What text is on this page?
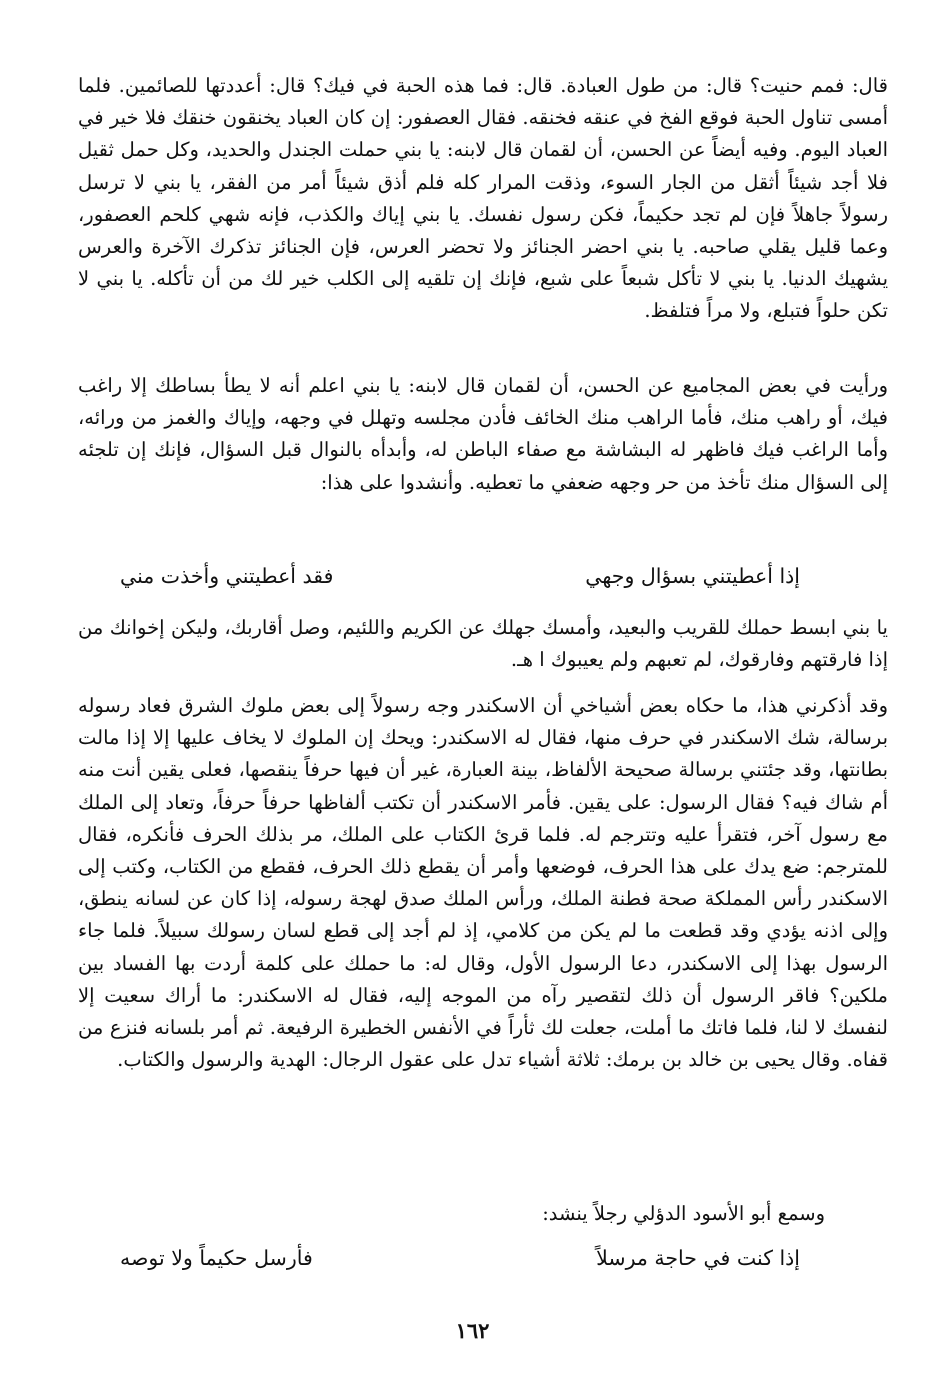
قال: فمم حنيت؟ قال: من طول العبادة. قال: فما هذه الحبة في فيك؟ قال: أعددتها للصائمين. فلما أمسى تناول الحبة فوقع الفخ في عنقه فخنقه. فقال العصفور: إن كان العباد يخنقون خنقك فلا خير في العباد اليوم. وفيه أيضاً عن الحسن، أن لقمان قال لابنه: يا بني حملت الجندل والحديد، وكل حمل ثقيل فلا أجد شيئاً أثقل من الجار السوء، وذقت المرار كله فلم أذق شيئاً أمر من الفقر، يا بني لا ترسل رسولاً جاهلاً فإن لم تجد حكيماً، فكن رسول نفسك. يا بني إياك والكذب، فإنه شهي كلحم العصفور، وعما قليل يقلي صاحبه. يا بني احضر الجنائز ولا تحضر العرس، فإن الجنائز تذكرك الآخرة والعرس يشهيك الدنيا. يا بني لا تأكل شبعاً على شبع، فإنك إن تلقيه إلى الكلب خير لك من أن تأكله. يا بني لا تكن حلواً فتبلع، ولا مراً فتلفظ.

ورأيت في بعض المجاميع عن الحسن، أن لقمان قال لابنه: يا بني اعلم أنه لا يطأ بساطك إلا راغب فيك، أو راهب منك، فأما الراهب منك الخائف فأدن مجلسه وتهلل في وجهه، وإياك والغمز من ورائه، وأما الراغب فيك فاظهر له البشاشة مع صفاء الباطن له، وأبدأه بالنوال قبل السؤال، فإنك إن تلجئه إلى السؤال منك تأخذ من حر وجهه ضعفي ما تعطيه. وأنشدوا على هذا:

إذا أعطيتني بسؤال وجهي
فقد أعطيتني وأخذت مني

يا بني ابسط حملك للقريب والبعيد، وأمسك جهلك عن الكريم واللئيم، وصل أقاربك، وليكن إخوانك من إذا فارقتهم وفارقوك، لم تعبهم ولم يعيبوك ا هـ.

وقد أذكرني هذا، ما حكاه بعض أشياخي أن الاسكندر وجه رسولاً إلى بعض ملوك الشرق فعاد رسوله برسالة، شك الاسكندر في حرف منها، فقال له الاسكندر: ويحك إن الملوك لا يخاف عليها إلا إذا مالت بطانتها، وقد جئتني برسالة صحيحة الألفاظ، بينة العبارة، غير أن فيها حرفاً ينقصها، فعلى يقين أنت منه أم شاك فيه؟ فقال الرسول: على يقين. فأمر الاسكندر أن تكتب ألفاظها حرفاً حرفاً، وتعاد إلى الملك مع رسول آخر، فتقرأ عليه وتترجم له. فلما قرئ الكتاب على الملك، مر بذلك الحرف فأنكره، فقال للمترجم: ضع يدك على هذا الحرف، فوضعها وأمر أن يقطع ذلك الحرف، فقطع من الكتاب، وكتب إلى الاسكندر رأس المملكة صحة فطنة الملك، ورأس الملك صدق لهجة رسوله، إذا كان عن لسانه ينطق، وإلى اذنه يؤدي وقد قطعت ما لم يكن من كلامي، إذ لم أجد إلى قطع لسان رسولك سبيلاً. فلما جاء الرسول بهذا إلى الاسكندر، دعا الرسول الأول، وقال له: ما حملك على كلمة أردت بها الفساد بين ملكين؟ فاقر الرسول أن ذلك لتقصير رآه من الموجه إليه، فقال له الاسكندر: ما أراك سعيت إلا لنفسك لا لنا، فلما فاتك ما أملت، جعلت لك ثأراً في الأنفس الخطيرة الرفيعة. ثم أمر بلسانه فنزع من قفاه. وقال يحيى بن خالد بن برمك: ثلاثة أشياء تدل على عقول الرجال: الهدية والرسول والكتاب.

وسمع أبو الأسود الدؤلي رجلاً ينشد:

إذا كنت في حاجة مرسلاً
فأرسل حكيماً ولا توصه
١٦٢
